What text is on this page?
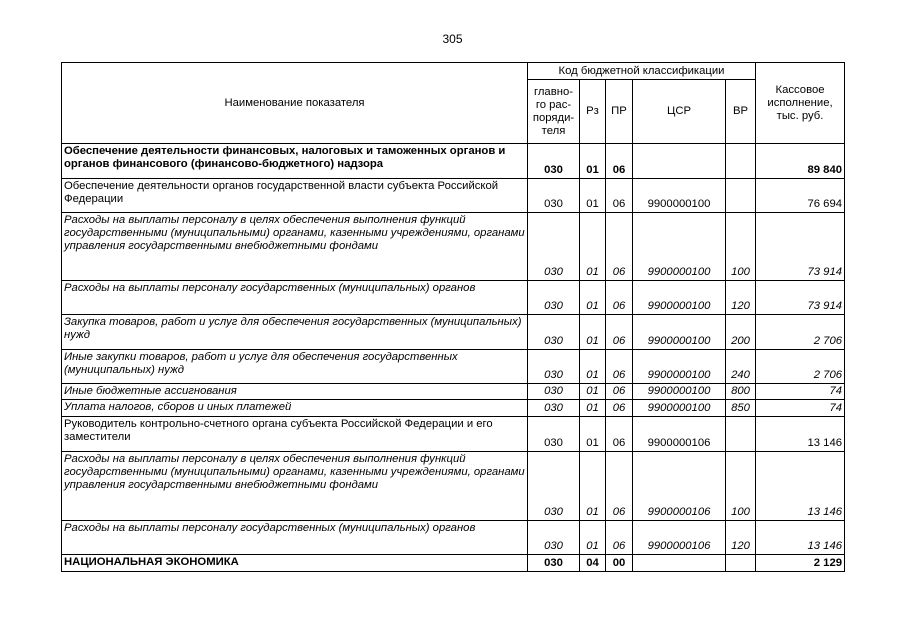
305
Наименование показателя	Код бюджетной классификации					Кассовое исполнение, тыс. руб.
	главно-го рас-поряди-теля	Рз	ПР	ЦСР	ВР	
Обеспечение деятельности финансовых, налоговых и таможенных органов и органов финансового (финансово-бюджетного) надзора	030	01	06			89 840
Обеспечение деятельности органов государственной власти субъекта Российской Федерации	030	01	06	9900000100		76 694
Расходы на выплаты персоналу в целях обеспечения выполнения функций государственными (муниципальными) органами, казенными учреждениями, органами управления государственными внебюджетными фондами	030	01	06	9900000100	100	73 914
Расходы на выплаты персоналу государственных (муниципальных) органов	030	01	06	9900000100	120	73 914
Закупка товаров, работ и услуг для обеспечения государственных (муниципальных) нужд	030	01	06	9900000100	200	2 706
Иные закупки товаров, работ и услуг для обеспечения государственных (муниципальных) нужд	030	01	06	9900000100	240	2 706
Иные бюджетные ассигнования	030	01	06	9900000100	800	74
Уплата налогов, сборов и иных платежей	030	01	06	9900000100	850	74
Руководитель контрольно-счетного органа субъекта Российской Федерации и его заместители	030	01	06	9900000106		13 146
Расходы на выплаты персоналу в целях обеспечения выполнения функций государственными (муниципальными) органами, казенными учреждениями, органами управления государственными внебюджетными фондами	030	01	06	9900000106	100	13 146
Расходы на выплаты персоналу государственных (муниципальных) органов	030	01	06	9900000106	120	13 146
НАЦИОНАЛЬНАЯ ЭКОНОМИКА	030	04	00			2 129
